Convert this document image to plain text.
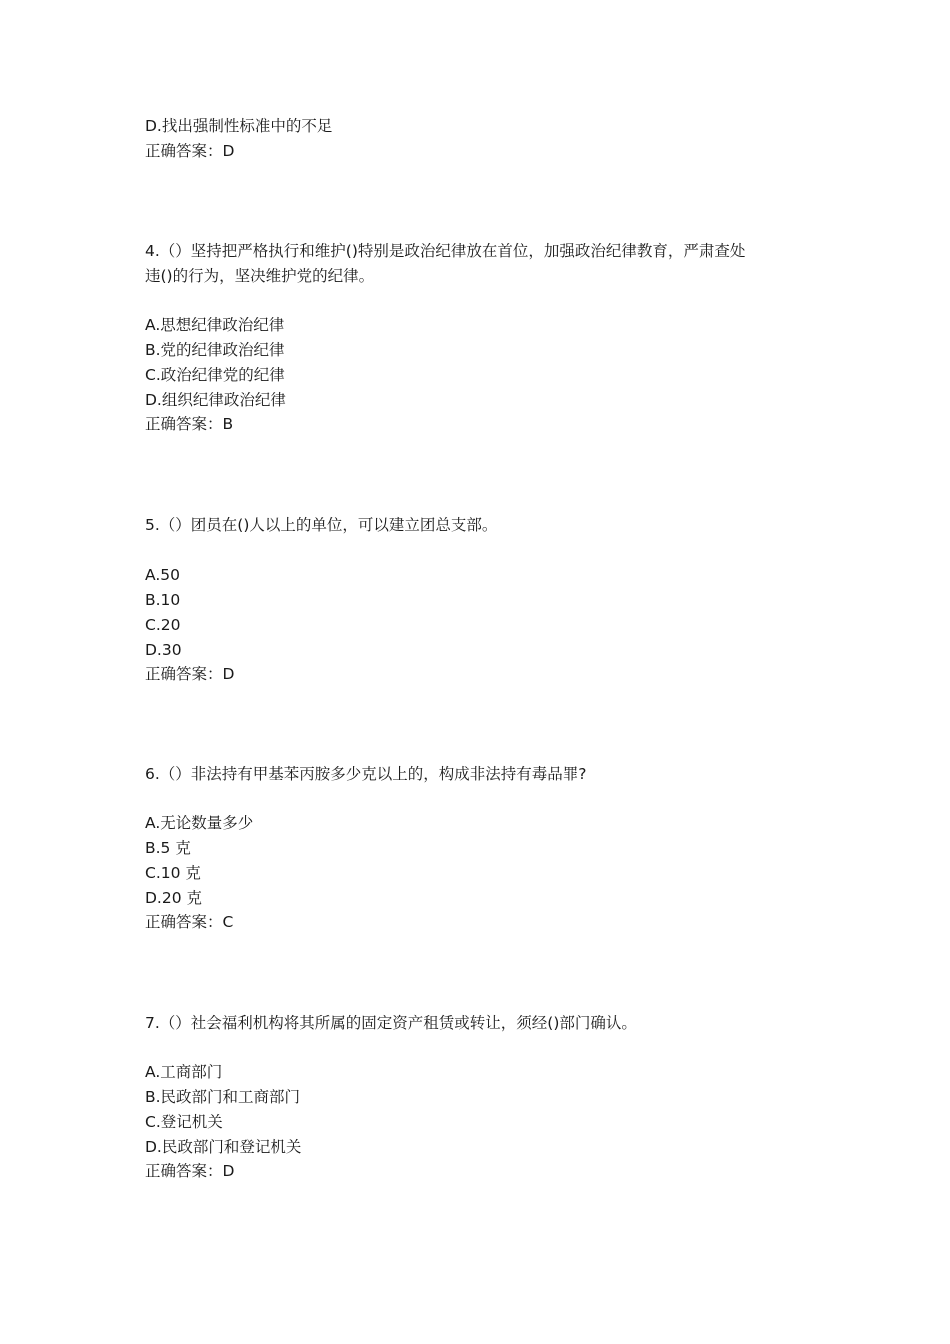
D.找出强制性标准中的不足
正确答案：D
4.（）坚持把严格执行和维护()特别是政治纪律放在首位，加强政治纪律教育，严肃查处
违()的行为，坚决维护党的纪律。
A.思想纪律政治纪律
B.党的纪律政治纪律
C.政治纪律党的纪律
D.组织纪律政治纪律
正确答案：B
5.（）团员在()人以上的单位，可以建立团总支部。
A.50
B.10
C.20
D.30
正确答案：D
6.（）非法持有甲基苯丙胺多少克以上的，构成非法持有毒品罪?
A.无论数量多少
B.5 克
C.10 克
D.20 克
正确答案：C
7.（）社会福利机构将其所属的固定资产租赁或转让，须经()部门确认。
A.工商部门
B.民政部门和工商部门
C.登记机关
D.民政部门和登记机关
正确答案：D
